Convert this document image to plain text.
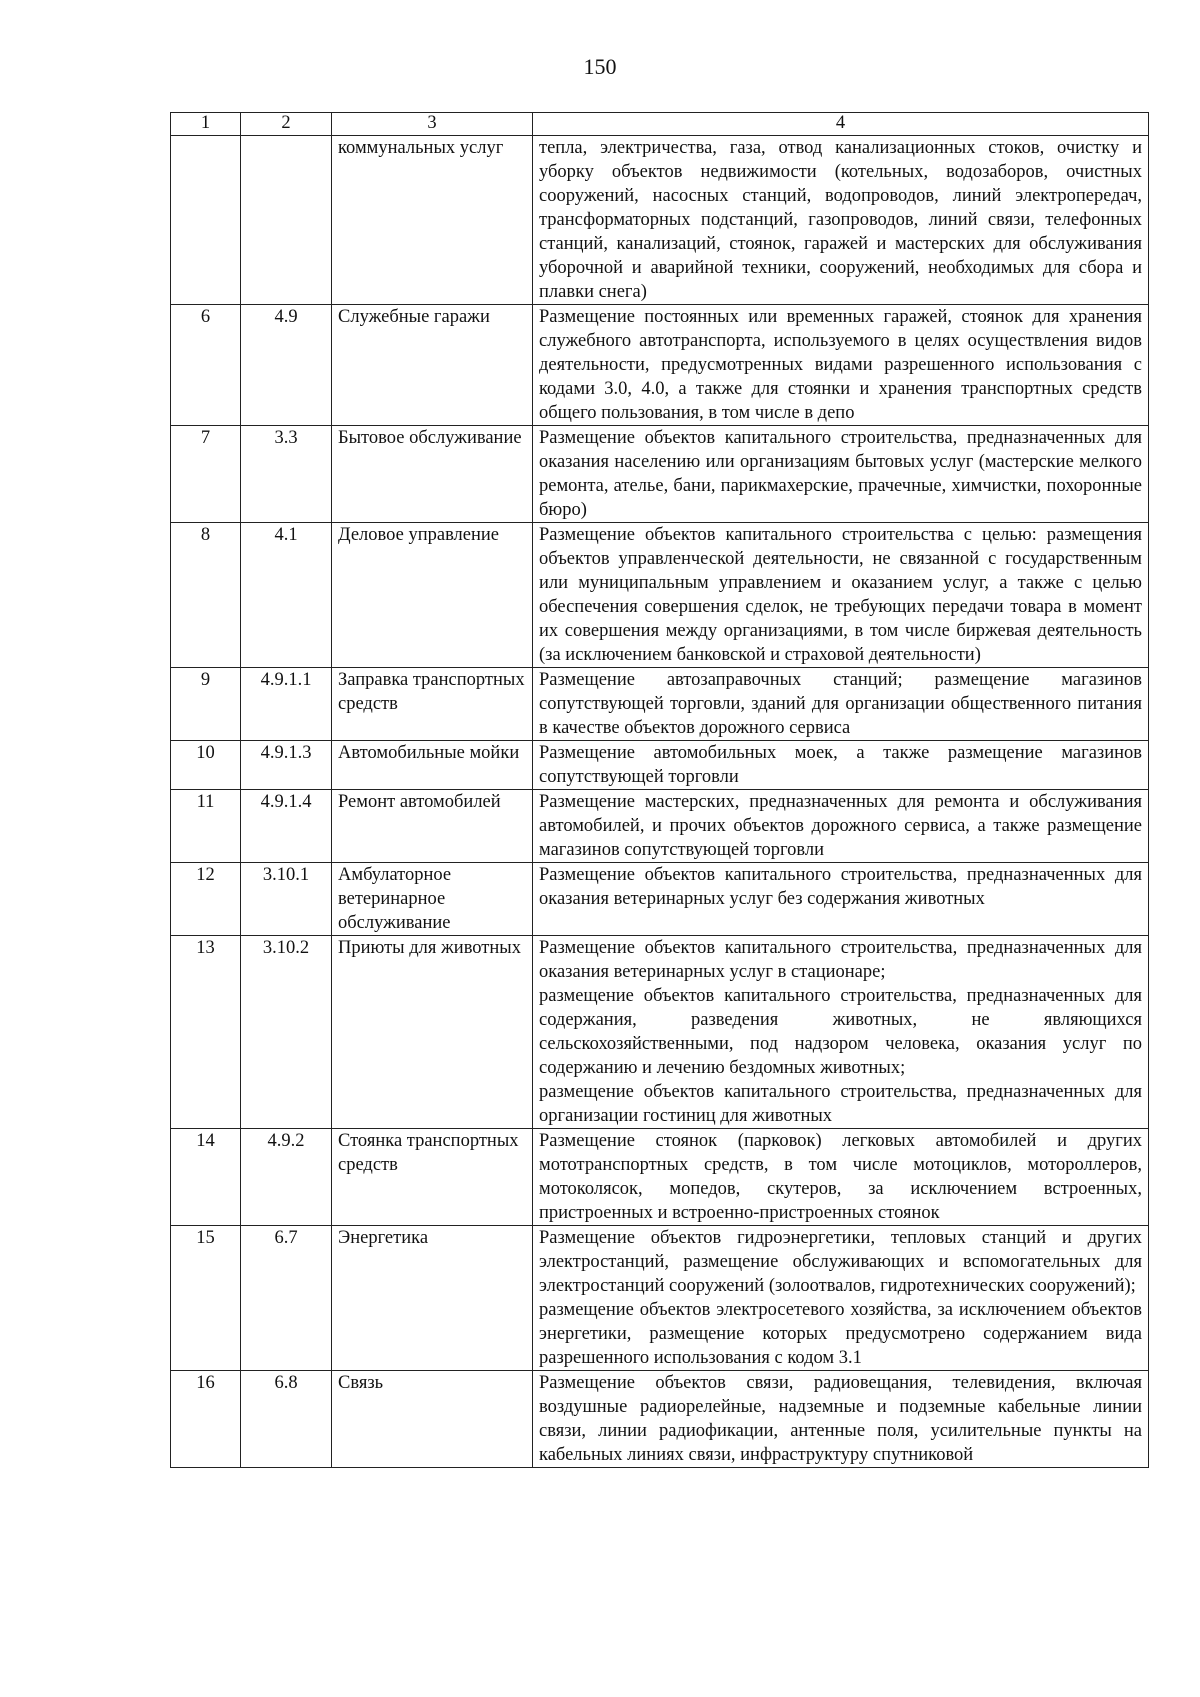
150
1	2	3	4
		коммунальных услуг	тепла, электричества, газа, отвод канализационных стоков, очистку и уборку объектов недвижимости (котельных, водозаборов, очистных сооружений, насосных станций, водопроводов, линий электропередач, трансформаторных подстанций, газопроводов, линий связи, телефонных станций, канализаций, стоянок, гаражей и мастерских для обслуживания уборочной и аварийной техники, сооружений, необходимых для сбора и плавки снега)

6	4.9	Служебные гаражи	Размещение постоянных или временных гаражей, стоянок для хранения служебного автотранспорта, используемого в целях осуществления видов деятельности, предусмотренных видами разрешенного использования с кодами 3.0, 4.0, а также для стоянки и хранения транспортных средств общего пользования, в том числе в депо

7	3.3	Бытовое обслуживание	Размещение объектов капитального строительства, предназначенных для оказания населению или организациям бытовых услуг (мастерские мелкого ремонта, ателье, бани, парикмахерские, прачечные, химчистки, похоронные бюро)

8	4.1	Деловое управление	Размещение объектов капитального строительства с целью: размещения объектов управленческой деятельности, не связанной с государственным или муниципальным управлением и оказанием услуг, а также с целью обеспечения совершения сделок, не требующих передачи товара в момент их совершения между организациями, в том числе биржевая деятельность (за исключением банковской и страховой деятельности)

9	4.9.1.1	Заправка транспортных средств	Размещение автозаправочных станций; размещение магазинов сопутствующей торговли, зданий для организации общественного питания в качестве объектов дорожного сервиса

10	4.9.1.3	Автомобильные мойки	Размещение автомобильных моек, а также размещение магазинов сопутствующей торговли

11	4.9.1.4	Ремонт автомобилей	Размещение мастерских, предназначенных для ремонта и обслуживания автомобилей, и прочих объектов дорожного сервиса, а также размещение магазинов сопутствующей торговли

12	3.10.1	Амбулаторное ветеринарное обслуживание	Размещение объектов капитального строительства, предназначенных для оказания ветеринарных услуг без содержания животных

13	3.10.2	Приюты для животных	Размещение объектов капитального строительства, предназначенных для оказания ветеринарных услуг в стационаре;

размещение объектов капитального строительства, предназначенных для содержания, разведения животных, не являющихся сельскохозяйственными, под надзором человека, оказания услуг по содержанию и лечению бездомных животных;

размещение объектов капитального строительства, предназначенных для организации гостиниц для животных

14	4.9.2	Стоянка транспортных средств	Размещение стоянок (парковок) легковых автомобилей и других мототранспортных средств, в том числе мотоциклов, мотороллеров, мотоколясок, мопедов, скутеров, за исключением встроенных, пристроенных и встроенно-пристроенных стоянок

15	6.7	Энергетика	Размещение объектов гидроэнергетики, тепловых станций и других электростанций, размещение обслуживающих и вспомогательных для электростанций сооружений (золоотвалов, гидротехнических сооружений);

размещение объектов электросетевого хозяйства, за исключением объектов энергетики, размещение которых предусмотрено содержанием вида разрешенного использования с кодом 3.1

16	6.8	Связь	Размещение объектов связи, радиовещания, телевидения, включая воздушные радиорелейные, надземные и подземные кабельные линии связи, линии радиофикации, антенные поля, усилительные пункты на кабельных линиях связи, инфраструктуру спутниковой
